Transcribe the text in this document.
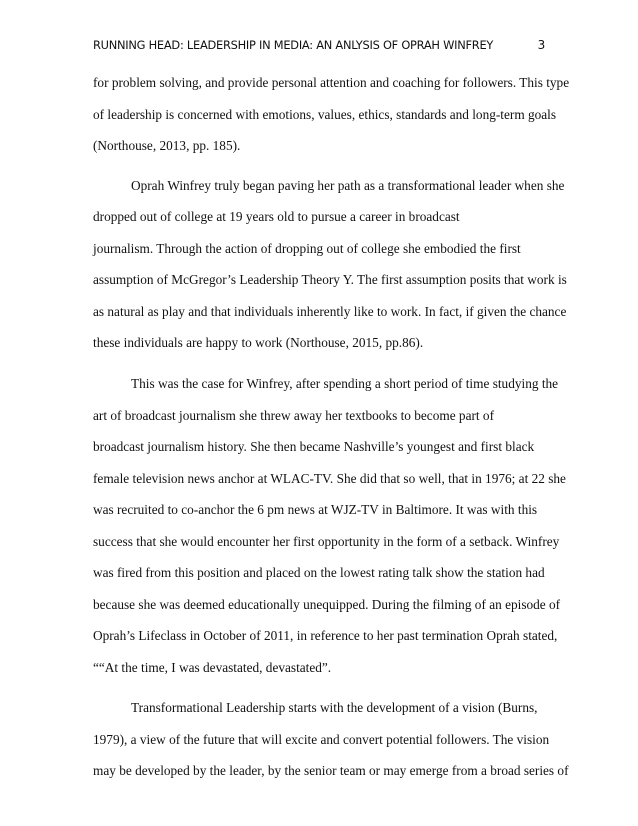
RUNNING HEAD: LEADERSHIP IN MEDIA: AN ANLYSIS OF OPRAH WINFREY	3
for problem solving, and provide personal attention and coaching for followers. This type
of leadership is concerned with emotions, values, ethics, standards and long-term goals
(Northouse, 2013, pp. 185).
Oprah Winfrey truly began paving her path as a transformational leader when she
dropped out of college at 19 years old to pursue a career in broadcast
journalism. Through the action of dropping out of college she embodied the first
assumption of McGregor’s Leadership Theory Y. The first assumption posits that work is
as natural as play and that individuals inherently like to work. In fact, if given the chance
these individuals are happy to work (Northouse, 2015, pp.86).
This was the case for Winfrey, after spending a short period of time studying the
art of broadcast journalism she threw away her textbooks to become part of
broadcast journalism history. She then became Nashville’s youngest and first black
female television news anchor at WLAC-TV. She did that so well, that in 1976; at 22 she
was recruited to co-anchor the 6 pm news at WJZ-TV in Baltimore. It was with this
success that she would encounter her first opportunity in the form of a setback. Winfrey
was fired from this position and placed on the lowest rating talk show the station had
because she was deemed educationally unequipped. During the filming of an episode of
Oprah’s Lifeclass in October of 2011, in reference to her past termination Oprah stated,
““At the time, I was devastated, devastated”.
Transformational Leadership starts with the development of a vision (Burns,
1979), a view of the future that will excite and convert potential followers. The vision
may be developed by the leader, by the senior team or may emerge from a broad series of
